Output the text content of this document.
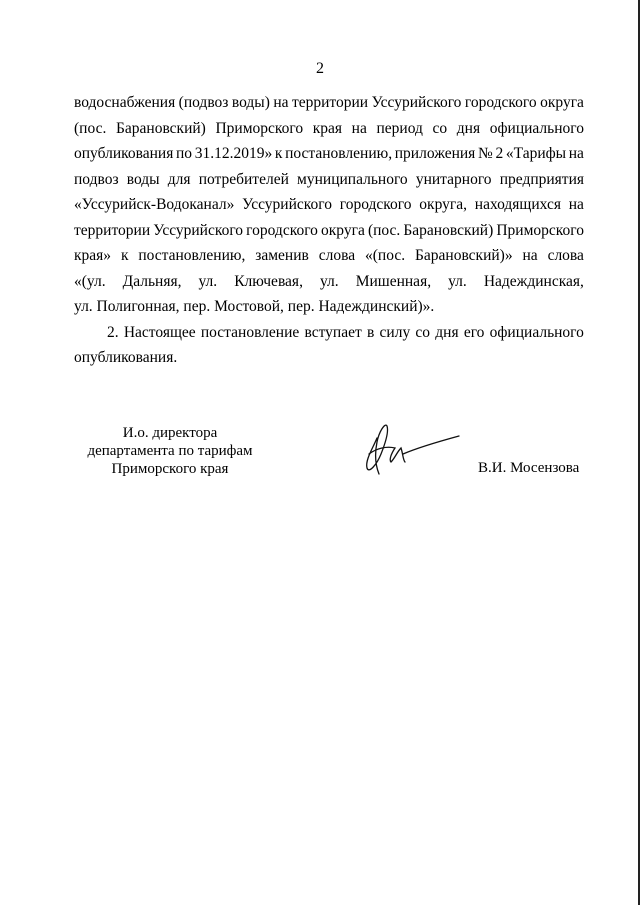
2
водоснабжения (подвоз воды) на территории Уссурийского городского округа
(пос. Барановский) Приморского края на период со дня официального
опубликования по 31.12.2019» к постановлению, приложения № 2 «Тарифы на
подвоз воды для потребителей муниципального унитарного предприятия
«Уссурийск-Водоканал» Уссурийского городского округа, находящихся на
территории Уссурийского городского округа (пос. Барановский) Приморского
края» к постановлению, заменив слова «(пос. Барановский)» на слова
«(ул. Дальняя, ул. Ключевая, ул. Мишенная, ул. Надеждинская,
ул. Полигонная, пер. Мостовой, пер. Надеждинский)».
2. Настоящее постановление вступает в силу со дня его официального
опубликования.
И.о. директора
департамента по тарифам
Приморского края	В.И. Мосензова
